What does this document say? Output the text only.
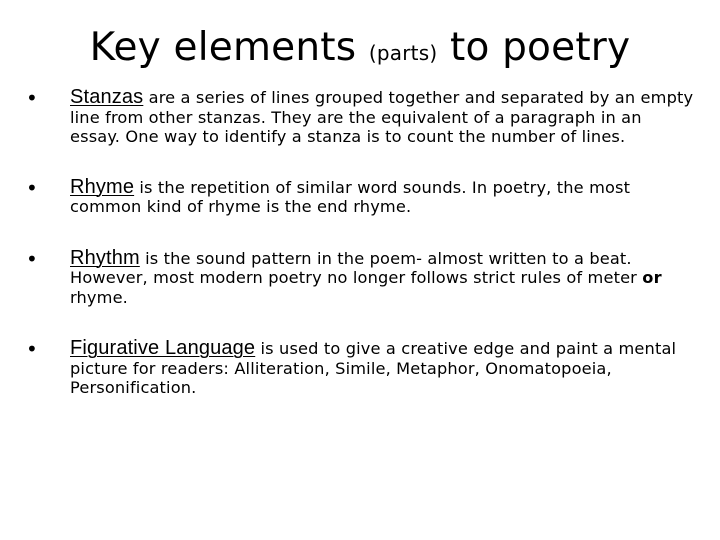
Key elements (parts) to poetry
• Stanzas are a series of lines grouped together and separated by an empty line from other stanzas. They are the equivalent of a paragraph in an essay. One way to identify a stanza is to count the number of lines.
• Rhyme is the repetition of similar word sounds. In poetry, the most common kind of rhyme is the end rhyme.
• Rhythm is the sound pattern in the poem- almost written to a beat. However, most modern poetry no longer follows strict rules of meter or rhyme.
• Figurative Language is used to give a creative edge and paint a mental picture for readers: Alliteration, Simile, Metaphor, Onomatopoeia, Personification.
